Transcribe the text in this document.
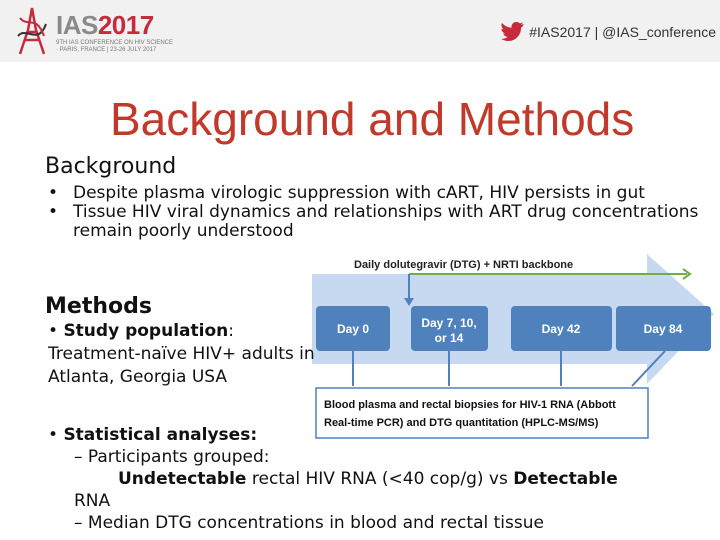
IAS2017
9TH IAS CONFERENCE ON HIV SCIENCE · PARIS, FRANCE | 23-26 JULY 2017
#IAS2017 | @IAS_conference
Background and Methods
Background
• Despite plasma virologic suppression with cART, HIV persists in gut
• Tissue HIV viral dynamics and relationships with ART drug concentrations remain poorly understood
Daily dolutegravir (DTG) + NRTI backbone
Day 0	Day 7, 10,
or 14
Day 42	Day 84
Blood plasma and rectal biopsies for HIV-1 RNA (Abbott
Real-time PCR) and DTG quantitation (HPLC-MS/MS)
Methods
• Study population:
Treatment-naïve HIV+ adults in Atlanta, Georgia USA
• Statistical analyses:
– Participants grouped:
Undetectable rectal HIV RNA (<40 cop/g) vs Detectable
RNA
– Median DTG concentrations in blood and rectal tissue
